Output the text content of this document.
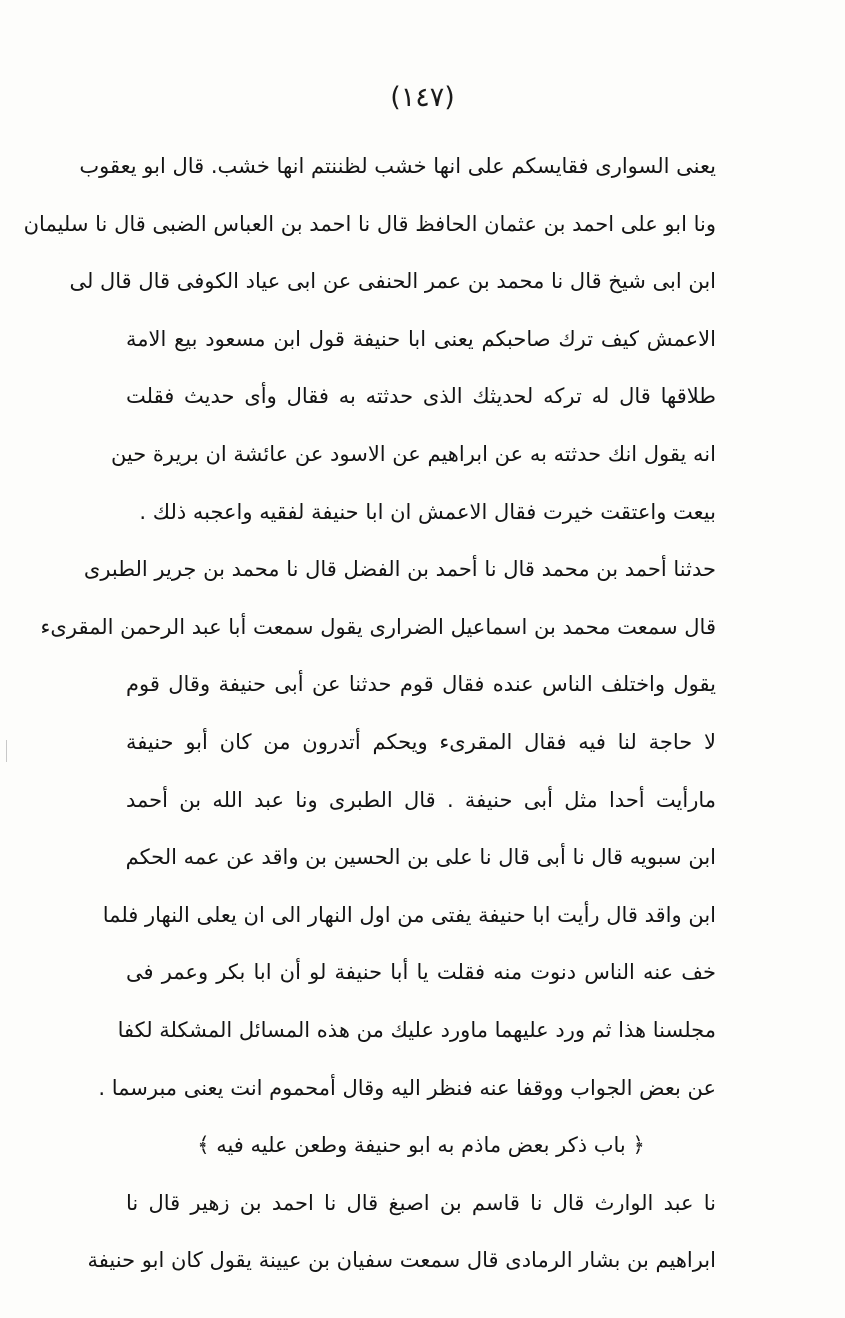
(١٤٧)
يعنى السوارى فقايسكم على انها خشب لظننتم انها خشب. قال ابو يعقوب
ونا ابو على احمد بن عثمان الحافظ قال نا احمد بن العباس الضبى قال نا سليمان
ابن ابى شيخ قال نا محمد بن عمر الحنفى عن ابى عياد الكوفى قال قال لى
الاعمش كيف ترك صاحبكم يعنى ابا حنيفة قول ابن مسعود بيع الامة
طلاقها قال له تركه لحديثك الذى حدثته به فقال وأى حديث فقلت
انه يقول انك حدثته به عن ابراهيم عن الاسود عن عائشة ان بريرة حين
بيعت واعتقت خيرت فقال الاعمش ان ابا حنيفة لفقيه واعجبه ذلك .
حدثنا أحمد بن محمد قال نا أحمد بن الفضل قال نا محمد بن جرير الطبرى
قال سمعت محمد بن اسماعيل الضرارى يقول سمعت أبا عبد الرحمن المقرىء
يقول واختلف الناس عنده فقال قوم حدثنا عن أبى حنيفة وقال قوم
لا حاجة لنا فيه فقال المقرىء ويحكم أتدرون من كان أبو حنيفة
مارأيت أحدا مثل أبى حنيفة . قال الطبرى ونا عبد الله بن أحمد
ابن سبويه قال نا أبى قال نا على بن الحسين بن واقد عن عمه الحكم
ابن واقد قال رأيت ابا حنيفة يفتى من اول النهار الى ان يعلى النهار فلما
خف عنه الناس دنوت منه فقلت يا أبا حنيفة لو أن ابا بكر وعمر فى
مجلسنا هذا ثم ورد عليهما ماورد عليك من هذه المسائل المشكلة لكفا
عن بعض الجواب ووقفا عنه فنظر اليه وقال أمحموم انت يعنى مبرسما .
﴿ باب ذكر بعض ماذم به ابو حنيفة وطعن عليه فيه ﴾
نا عبد الوارث قال نا قاسم بن اصبغ قال نا احمد بن زهير قال نا
ابراهيم بن بشار الرمادى قال سمعت سفيان بن عيينة يقول كان ابو حنيفة
